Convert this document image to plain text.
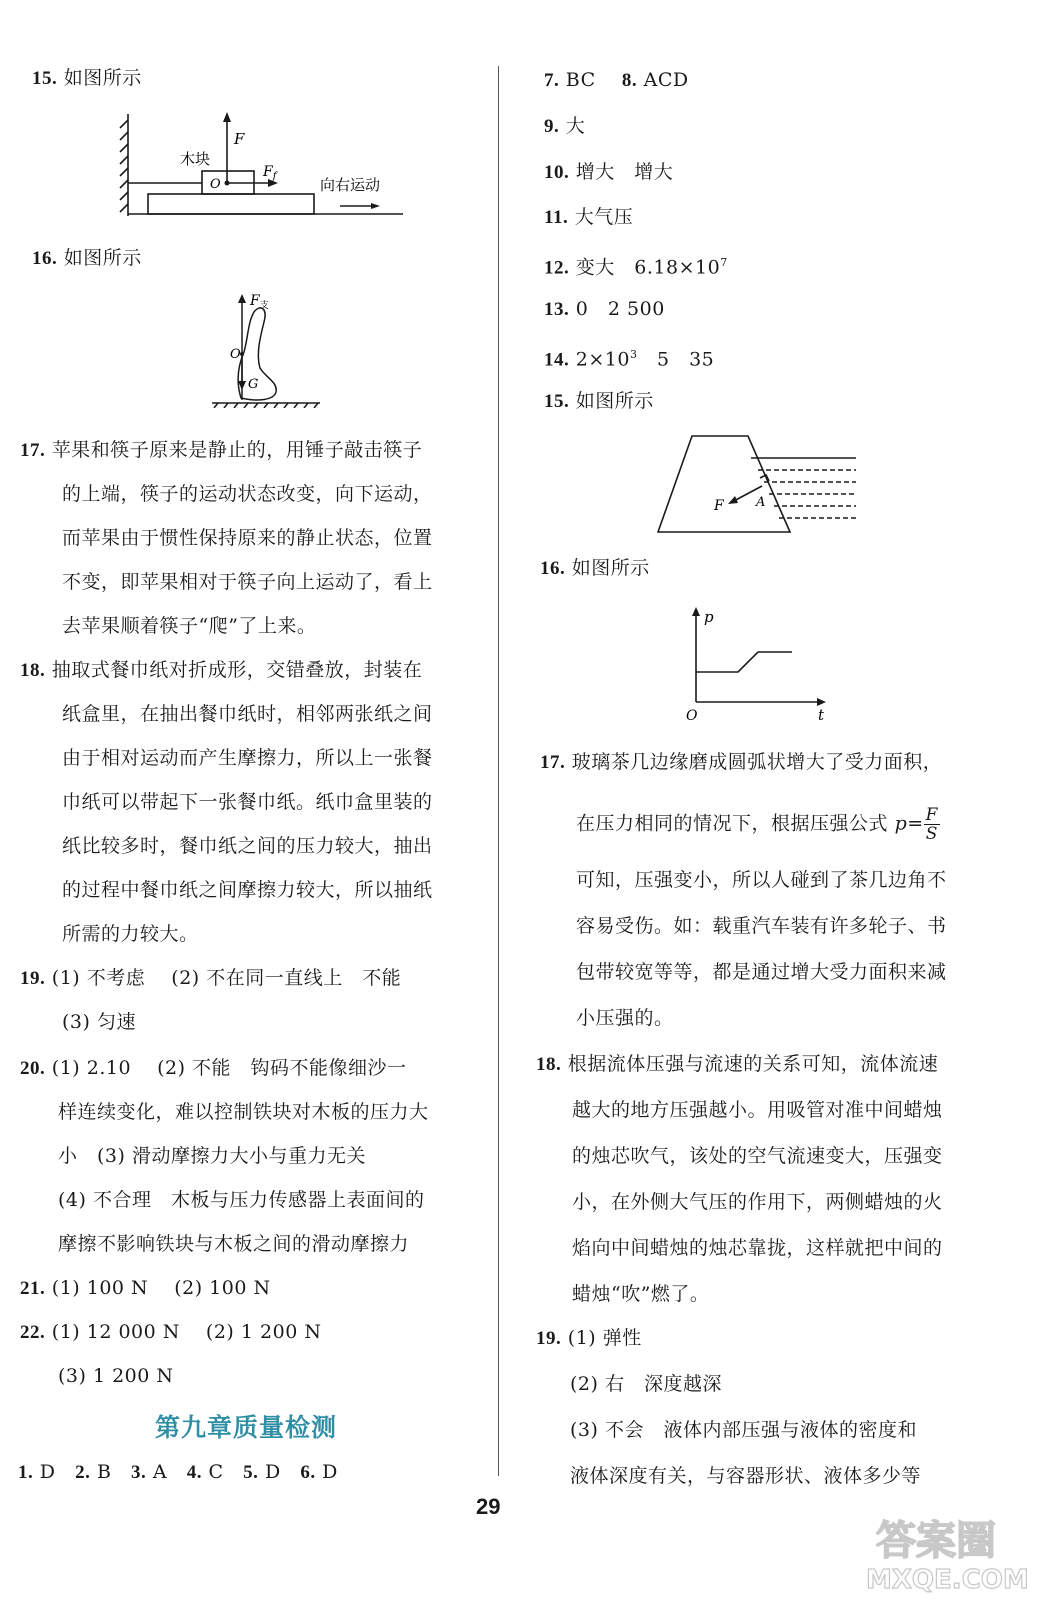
15. 如图所示
木块
F
O
$F_f$	向右运动
16. 如图所示
$F_支$
O
G
17. 苹果和筷子原来是静止的，用锤子敲击筷子
的上端，筷子的运动状态改变，向下运动，
而苹果由于惯性保持原来的静止状态，位置
不变，即苹果相对于筷子向上运动了，看上
去苹果顺着筷子“爬”了上来。
18. 抽取式餐巾纸对折成形，交错叠放，封装在
纸盒里，在抽出餐巾纸时，相邻两张纸之间
由于相对运动而产生摩擦力，所以上一张餐
巾纸可以带起下一张餐巾纸。纸巾盒里装的
纸比较多时，餐巾纸之间的压力较大，抽出
的过程中餐巾纸之间摩擦力较大，所以抽纸
所需的力较大。
19. (1) 不考虑　 (2) 不在同一直线上　不能
(3) 匀速
20. (1) 2.10　 (2) 不能　钩码不能像细沙一
样连续变化，难以控制铁块对木板的压力大
小　(3) 滑动摩擦力大小与重力无关
(4) 不合理　木板与压力传感器上表面间的
摩擦不影响铁块与木板之间的滑动摩擦力
21. (1) 100 N　 (2) 100 N
22. (1) 12 000 N　 (2) 1 200 N
(3) 1 200 N
第九章质量检测
1. D 2. B 3. A 4. C 5. D 6. D
7. BC 8. ACD
9. 大
10. 增大　增大
11. 大气压
12. 变大　$6.18\times 10^7$
13. 0　2 500
14. $2\times 10^3$　5　35
15. 如图所示
F A
16. 如图所示
p
t
O
17. 玻璃茶几边缘磨成圆弧状增大了受力面积，
在压力相同的情况下，根据压强公式 $p= \frac{F}{S}$
可知，压强变小，所以人碰到了茶几边角不
容易受伤。如：载重汽车装有许多轮子、书
包带较宽等等，都是通过增大受力面积来减
小压强的。
18. 根据流体压强与流速的关系可知，流体流速
越大的地方压强越小。用吸管对准中间蜡烛
的烛芯吹气，该处的空气流速变大，压强变
小，在外侧大气压的作用下，两侧蜡烛的火
焰向中间蜡烛的烛芯靠拢，这样就把中间的
蜡烛“吹”燃了。
19. (1) 弹性
(2) 右　深度越深
(3) 不会　液体内部压强与液体的密度和
液体深度有关，与容器形状、液体多少等
29
答案圈
MXQE.COM
